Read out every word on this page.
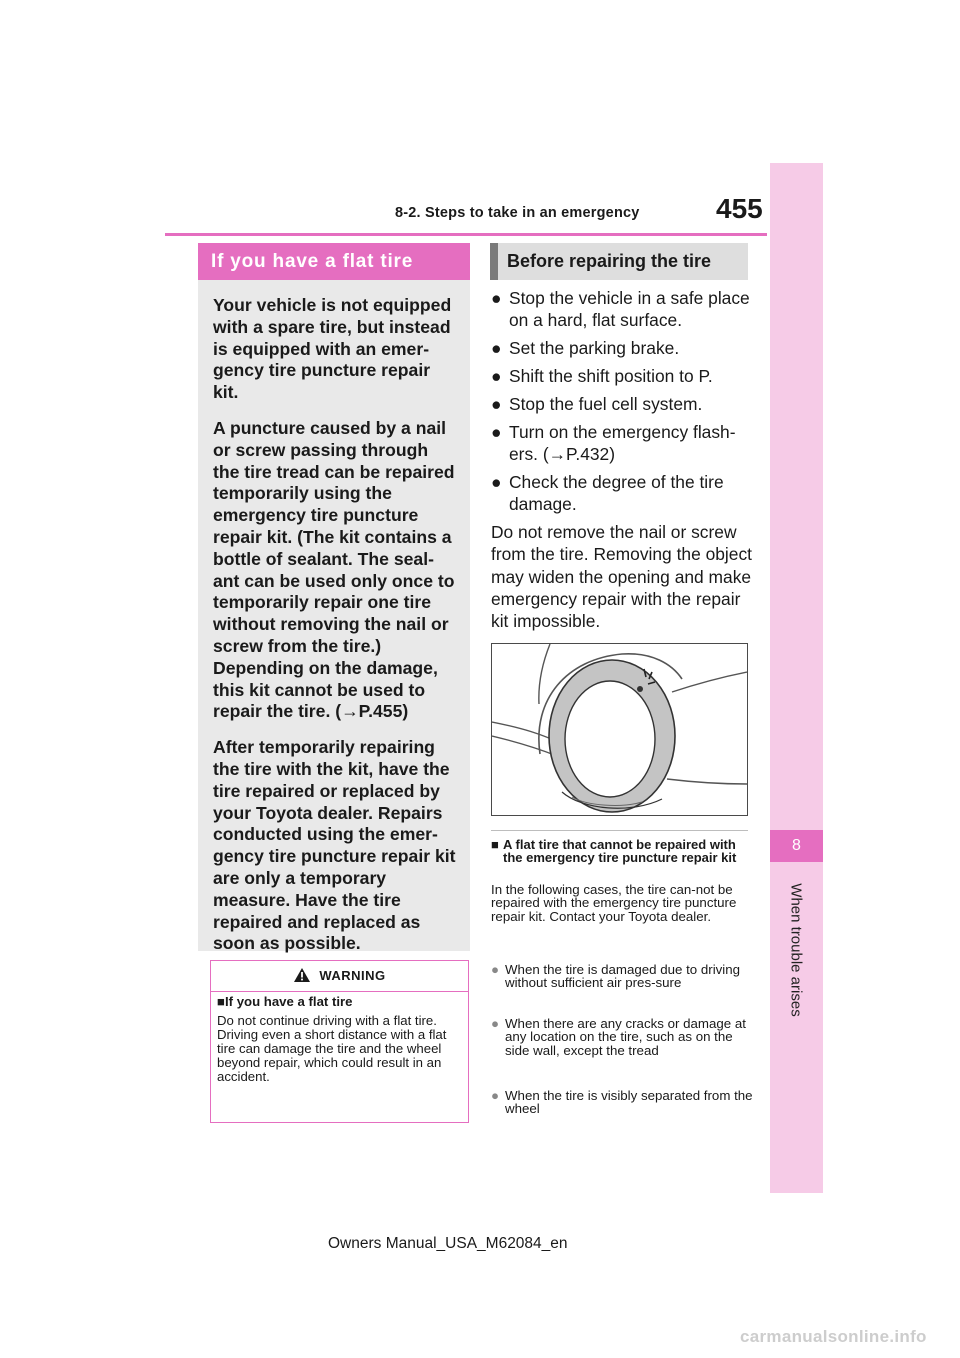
8-2. Steps to take in an emergency	455
8
When trouble arises
If you have a flat tire

Your vehicle is not equipped with a spare tire, but instead is equipped with an emer-gency tire puncture repair kit.

A puncture caused by a nail or screw passing through the tire tread can be repaired temporarily using the emergency tire puncture repair kit. (The kit contains a bottle of sealant. The seal-ant can be used only once to temporarily repair one tire without removing the nail or screw from the tire.) Depending on the damage, this kit cannot be used to repair the tire. (→P.455)

After temporarily repairing the tire with the kit, have the tire repaired or replaced by your Toyota dealer. Repairs conducted using the emer-gency tire puncture repair kit are only a temporary measure. Have the tire repaired and replaced as soon as possible.

WARNING
■If you have a flat tire
Do not continue driving with a flat tire.
Driving even a short distance with a flat tire can damage the tire and the wheel beyond repair, which could result in an accident.
Before repairing the tire
● Stop the vehicle in a safe place on a hard, flat surface.
● Set the parking brake.
● Shift the shift position to P.
● Stop the fuel cell system.
● Turn on the emergency flash-ers. (→P.432)
● Check the degree of the tire damage.
Do not remove the nail or screw from the tire. Removing the object may widen the opening and make emergency repair with the repair kit impossible.
■ A flat tire that cannot be repaired with the emergency tire puncture repair kit
In the following cases, the tire can-not be repaired with the emergency tire puncture repair kit. Contact your Toyota dealer.
● When the tire is damaged due to driving without sufficient air pres-sure
● When there are any cracks or damage at any location on the tire, such as on the side wall, except the tread
● When the tire is visibly separated from the wheel
Owners Manual_USA_M62084_en
carmanualsonline.info
